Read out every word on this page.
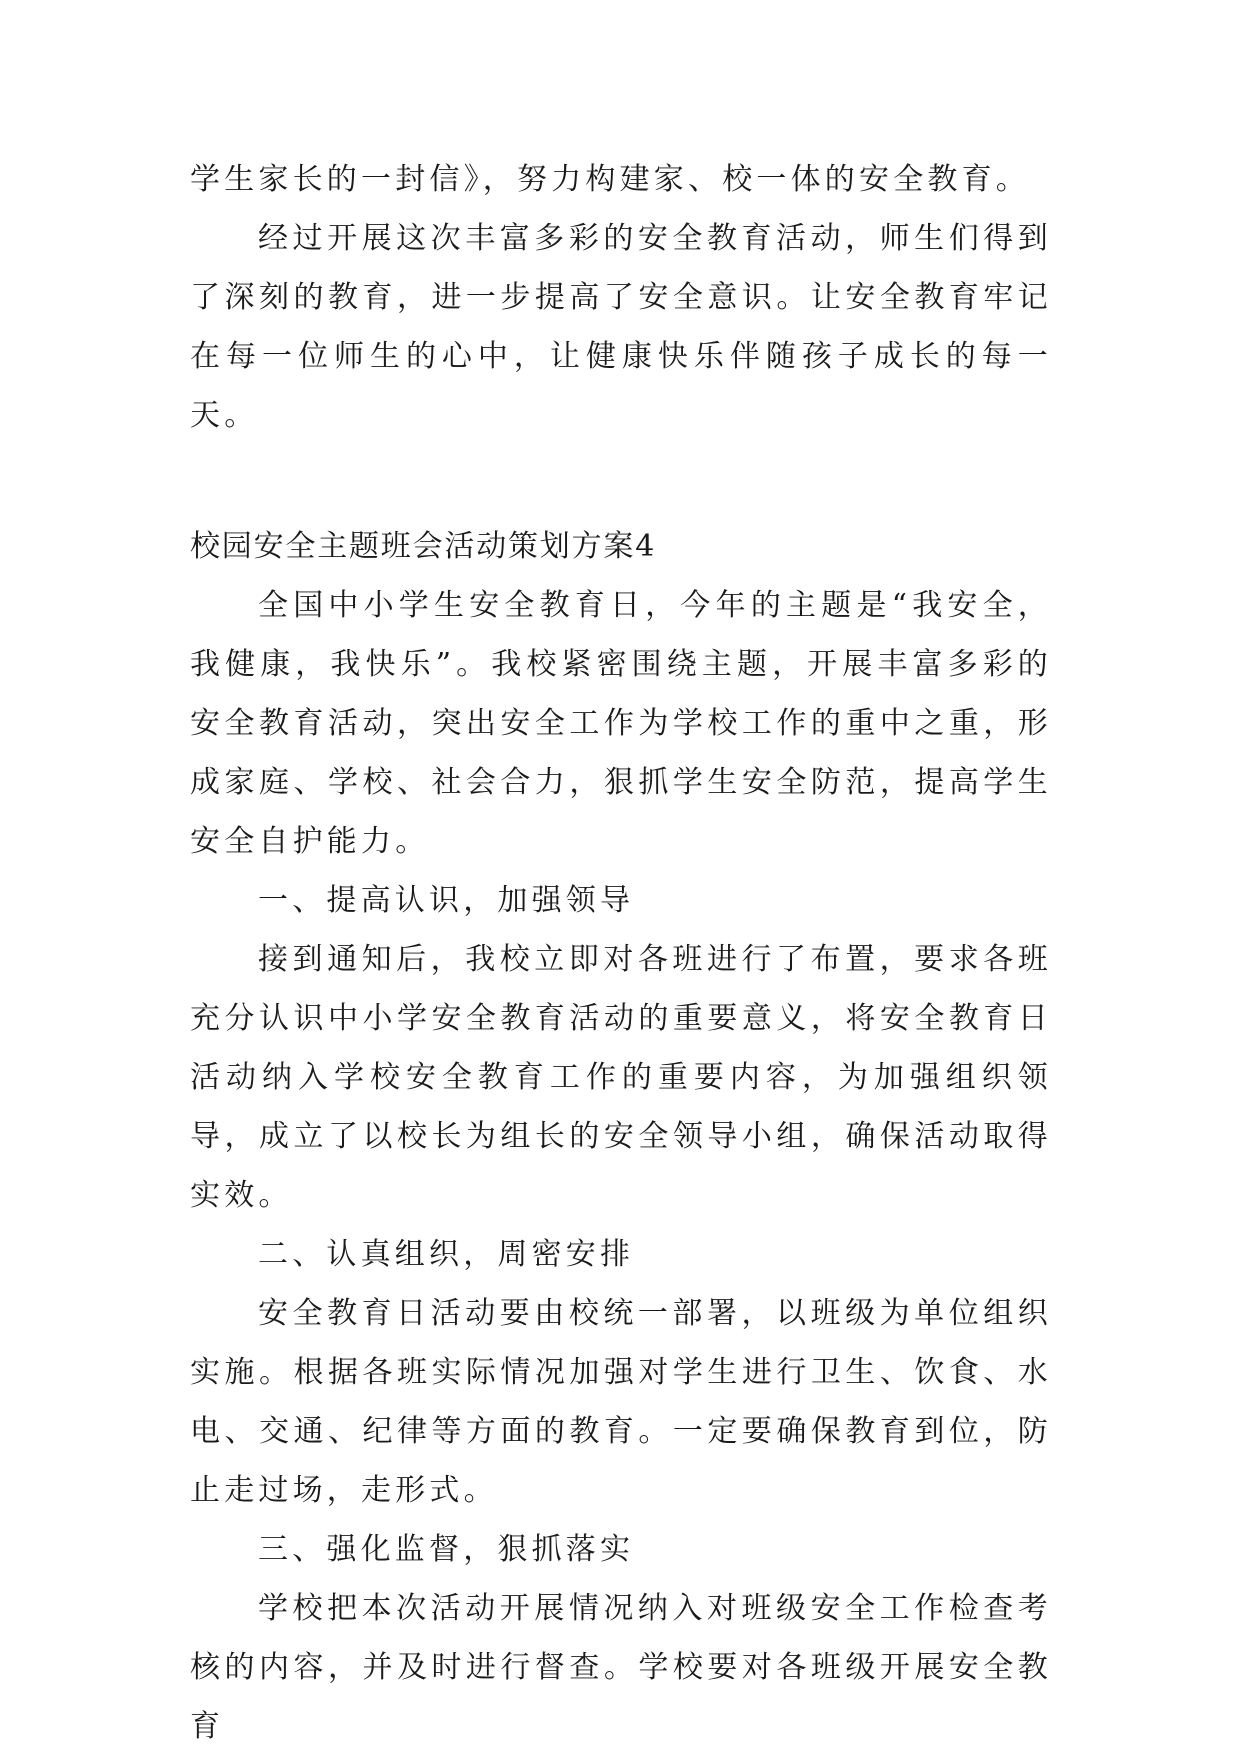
学生家长的一封信》，努力构建家、校一体的安全教育。

经过开展这次丰富多彩的安全教育活动，师生们得到了深刻的教育，进一步提高了安全意识。让安全教育牢记在每一位师生的心中，让健康快乐伴随孩子成长的每一天。

校园安全主题班会活动策划方案4

全国中小学生安全教育日，今年的主题是“我安全，我健康，我快乐”。我校紧密围绕主题，开展丰富多彩的安全教育活动，突出安全工作为学校工作的重中之重，形成家庭、学校、社会合力，狠抓学生安全防范，提高学生安全自护能力。

一、提高认识，加强领导

接到通知后，我校立即对各班进行了布置，要求各班充分认识中小学安全教育活动的重要意义，将安全教育日活动纳入学校安全教育工作的重要内容，为加强组织领导，成立了以校长为组长的安全领导小组，确保活动取得实效。

二、认真组织，周密安排

安全教育日活动要由校统一部署，以班级为单位组织实施。根据各班实际情况加强对学生进行卫生、饮食、水电、交通、纪律等方面的教育。一定要确保教育到位，防止走过场，走形式。

三、强化监督，狠抓落实

学校把本次活动开展情况纳入对班级安全工作检查考核的内容，并及时进行督查。学校要对各班级开展安全教育
